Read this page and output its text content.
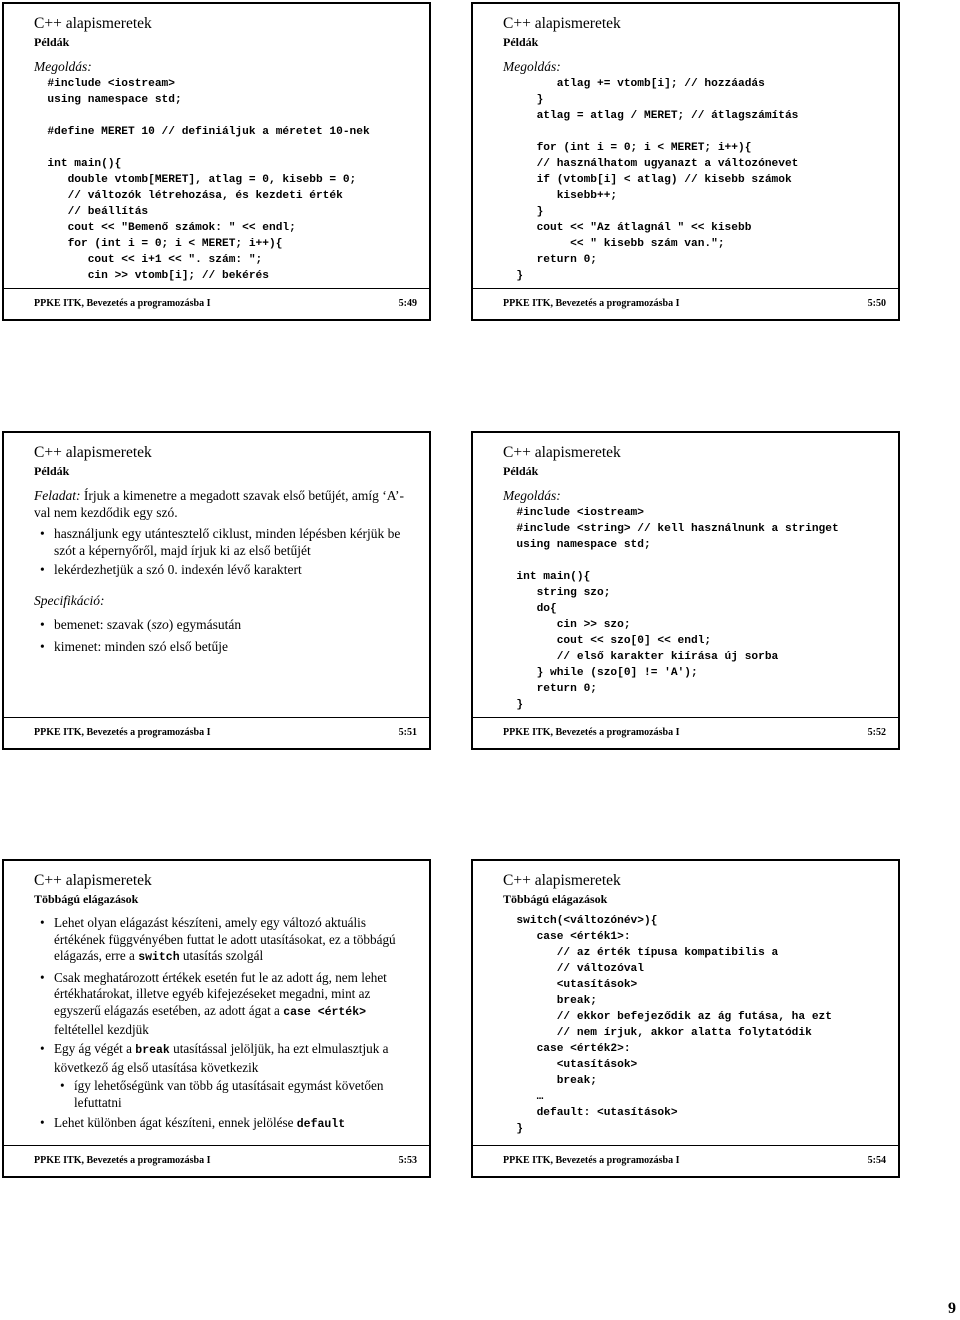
C++ alapismeretek
Példák
Megoldás:
#include <iostream>
using namespace std;

#define MERET 10 // definiáljuk a méretet 10-nek

int main(){
double vtomb[MERET], atlag = 0, kisebb = 0;
// változók létrehozása, és kezdeti érték
// beállítás
cout << "Bemenő számok: " << endl;
for (int i = 0; i < MERET; i++){
cout << i+1 << ". szám: ";
cin >> vtomb[i]; // bekérés
PPKE ITK, Bevezetés a programozásba I	5:49
C++ alapismeretek
Példák
Megoldás:
atlag += vtomb[i]; // hozzáadás
}
atlag = atlag / MERET; // átlagszámítás

for (int i = 0; i < MERET; i++){
// használhatom ugyanazt a változónevet
if (vtomb[i] < atlag) // kisebb számok
kisebb++;
}
cout << "Az átlagnál " << kisebb
<< " kisebb szám van.";
return 0;
}
PPKE ITK, Bevezetés a programozásba I	5:50
C++ alapismeretek
Példák

Feladat: Írjuk a kimenetre a megadott szavak első betűjét, amíg ‘A’-val nem kezdődik egy szó.

• használjunk egy utántesztelő ciklust, minden lépésben kérjük be szót a képernyőről, majd írjuk ki az első betűjét
• lekérdezhetjük a szó 0. indexén lévő karaktert
Specifikáció:
• bemenet: szavak (szo) egymásután
• kimenet: minden szó első betűje
PPKE ITK, Bevezetés a programozásba I	5:51
C++ alapismeretek
Példák
Megoldás:
#include <iostream>
#include <string> // kell használnunk a stringet
using namespace std;

int main(){
string szo;
do{
cin >> szo;
cout << szo[0] << endl;
// első karakter kiírása új sorba
} while (szo[0] != 'A');
return 0;
}
PPKE ITK, Bevezetés a programozásba I	5:52
C++ alapismeretek
Többágú elágazások
• Lehet olyan elágazást készíteni, amely egy változó aktuális értékének függvényében futtat le adott utasításokat, ez a többágú elágazás, erre a switch utasítás szolgál
• Csak meghatározott értékek esetén fut le az adott ág, nem lehet értékhatárokat, illetve egyéb kifejezéseket megadni, mint az egyszerű elágazás esetében, az adott ágat a case <érték> feltétellel kezdjük
• Egy ág végét a break utasítással jelöljük, ha ezt elmulasztjuk a következő ág első utasítása következik
• így lehetőségünk van több ág utasításait egymást követően lefuttatni
• Lehet különben ágat készíteni, ennek jelölése default
PPKE ITK, Bevezetés a programozásba I	5:53
C++ alapismeretek
Többágú elágazások
switch(<változónév>){
case <érték1>:
// az érték típusa kompatibilis a
// változóval
<utasítások>
break;
// ekkor befejeződik az ág futása, ha ezt
// nem írjuk, akkor alatta folytatódik
case <érték2>:
<utasítások>
break;
…
default: <utasítások>
}
PPKE ITK, Bevezetés a programozásba I	5:54
9
